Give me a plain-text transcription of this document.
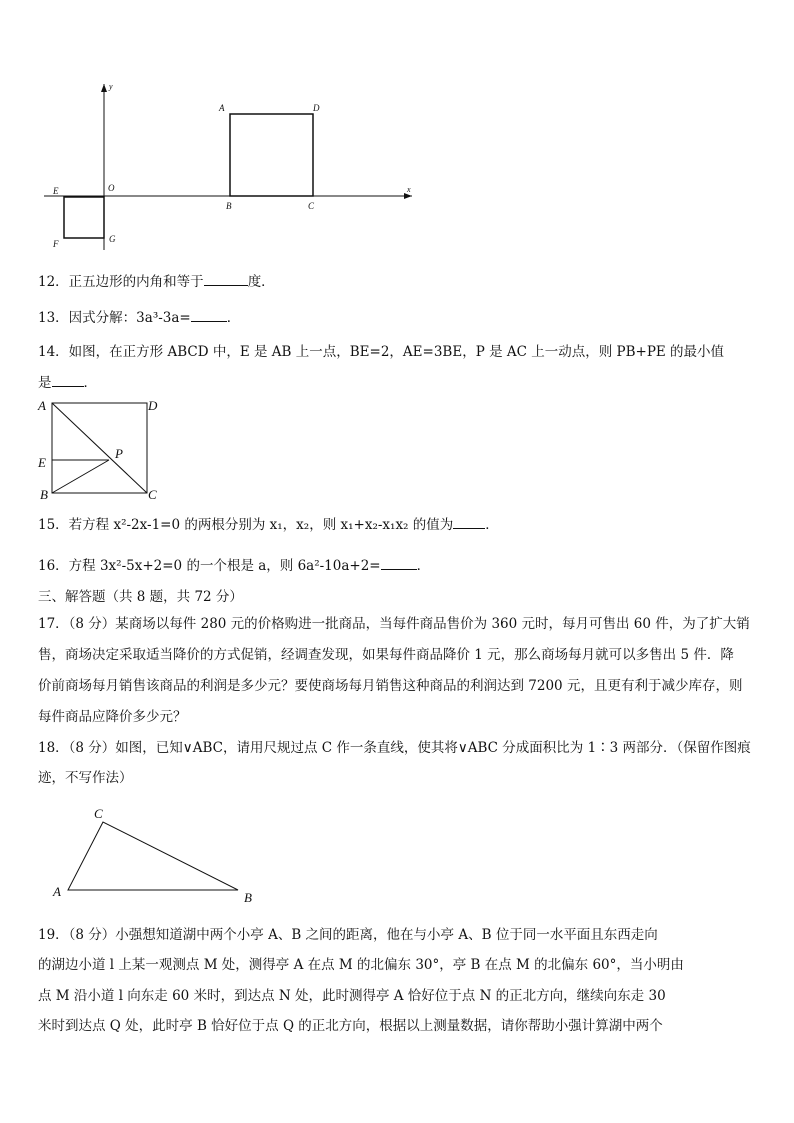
x
y
O
A	D
B	C
E
F	G
A	D
E
P
B	C
C
A	B
12．正五边形的内角和等于	度．
13．因式分解：3a³-3a=	．
14．如图，在正方形 ABCD 中，E 是 AB 上一点，BE=2，AE=3BE，P 是 AC 上一动点，则 PB+PE 的最小值
是 ．
15．若方程 x²-2x-1=0 的两根分别为 x₁，x₂，则 x₁+x₂-x₁x₂ 的值为 ．
16．方程 3x²-5x+2=0 的一个根是 a，则 6a²-10a+2=	．
三、解答题（共 8 题，共 72 分）
17．（8 分）某商场以每件 280 元的价格购进一批商品，当每件商品售价为 360 元时，每月可售出 60 件，为了扩大销
售，商场决定采取适当降价的方式促销，经调查发现，如果每件商品降价 1 元，那么商场每月就可以多售出 5 件．降
价前商场每月销售该商品的利润是多少元？要使商场每月销售这种商品的利润达到 7200 元，且更有利于减少库存，则
每件商品应降价多少元？
18．（8 分）如图，已知∨ABC，请用尺规过点 C 作一条直线，使其将∨ABC 分成面积比为 1∶3 两部分．（保留作图痕
迹，不写作法）
19．（8 分）小强想知道湖中两个小亭 A、B 之间的距离，他在与小亭 A、B 位于同一水平面且东西走向
的湖边小道 l 上某一观测点 M 处，测得亭 A 在点 M 的北偏东 30°，亭 B 在点 M 的北偏东 60°，当小明由
点 M 沿小道 l 向东走 60 米时，到达点 N 处，此时测得亭 A 恰好位于点 N 的正北方向，继续向东走 30
米时到达点 Q 处，此时亭 B 恰好位于点 Q 的正北方向，根据以上测量数据，请你帮助小强计算湖中两个
